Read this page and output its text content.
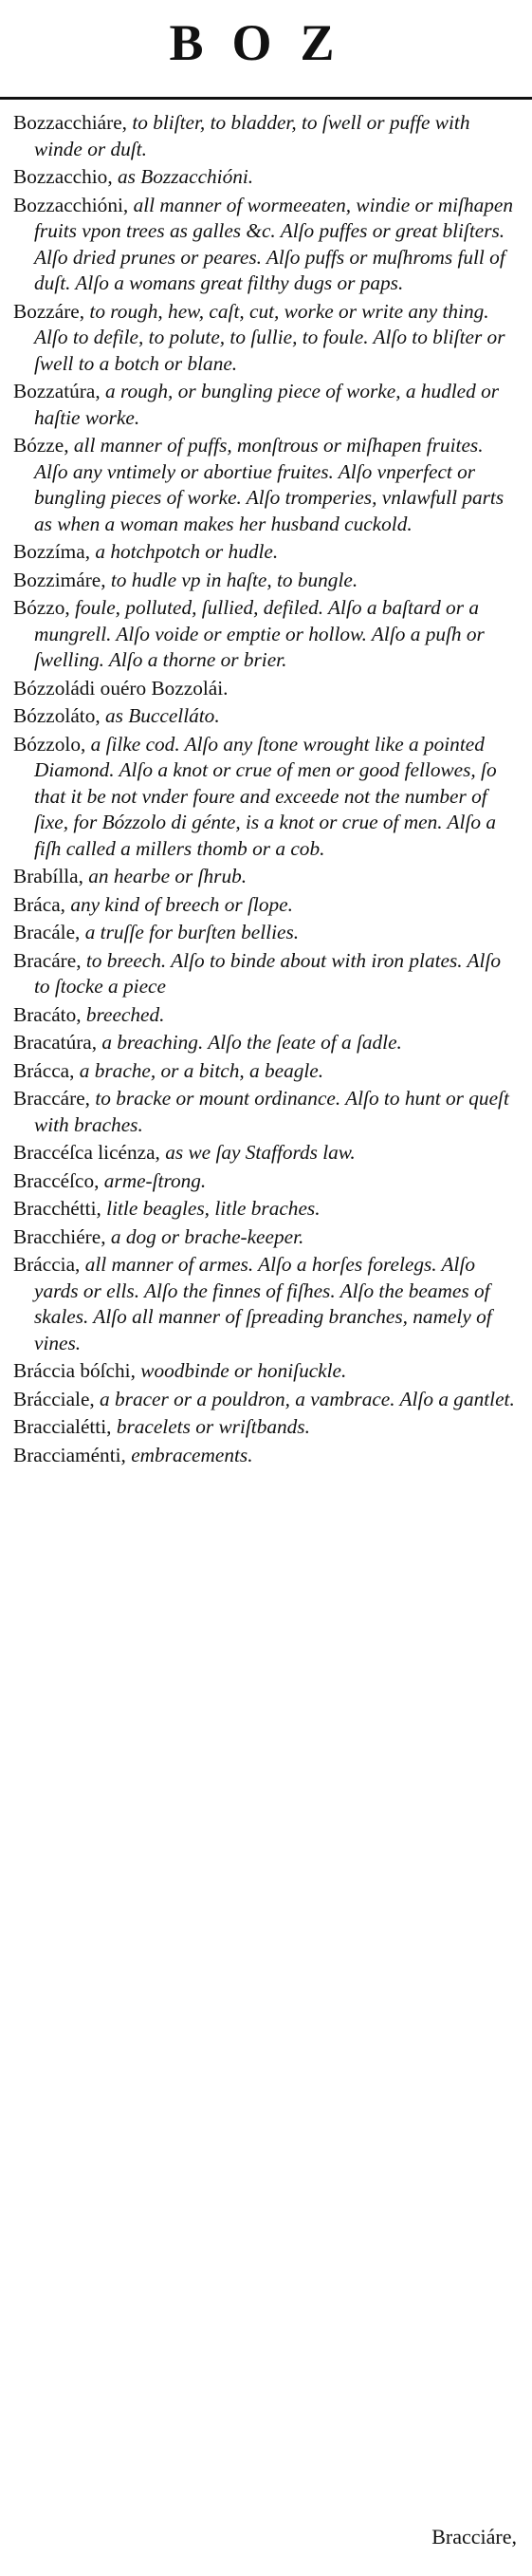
BOZ
Bozzacchiáre, to bliſter, to bladder, to ſwell or puffe with winde or duſt.
Bozzacchio, as Bozzacchióni.
Bozzacchióni, all manner of wormeeaten, windie or miſhapen fruits vpon trees as galles &c. Alſo puffes or great bliſters. Alſo dried prunes or peares. Alſo puffs or muſhroms full of duſt. Alſo a womans great filthy dugs or paps.
Bozzáre, to rough, hew, caſt, cut, worke or write any thing. Alſo to defile, to polute, to ſullie, to foule. Alſo to bliſter or ſwell to a botch or blane.
Bozzatúra, a rough, or bungling piece of worke, a hudled or haſtie worke.
Bózze, all manner of puffs, monſtrous or miſhapen fruites. Alſo any vntimely or abortiue fruites. Alſo vnperfect or bungling pieces of worke. Alſo tromperies, vnlawfull parts as when a woman makes her husband cuckold.
Bozzíma, a hotchpotch or hudle.
Bozzimáre, to hudle vp in haſte, to bungle.
Bózzo, foule, polluted, ſullied, defiled. Alſo a baſtard or a mungrell. Alſo voide or emptie or hollow. Alſo a puſh or ſwelling. Alſo a thorne or brier.
Bózzoládi ouéro Bozzolái.
Bózzoláto, as Buccelláto.
Bózzolo, a ſilke cod. Alſo any ſtone wrought like a pointed Diamond. Alſo a knot or crue of men or good fellowes, ſo that it be not vnder foure and exceede not the number of ſixe, for Bózzolo di génte, is a knot or crue of men. Alſo a fiſh called a millers thomb or a cob.
Brabílla, an hearbe or ſhrub.
Bráca, any kind of breech or ſlope.
Bracále, a truſſe for burſten bellies.
Bracáre, to breech. Alſo to binde about with iron plates. Alſo to ſtocke a piece
Bracáto, breeched.
Bracatúra, a breaching. Alſo the ſeate of a ſadle.
Brácca, a brache, or a bitch, a beagle.
Braccáre, to bracke or mount ordinance. Alſo to hunt or queſt with braches.
Braccéſca licénza, as we ſay Staffords law.
Braccéſco, arme-ſtrong.
Bracchétti, litle beagles, litle braches.
Bracchiére, a dog or brache-keeper.
Bráccia, all manner of armes. Alſo a horſes forelegs. Alſo yards or ells. Alſo the finnes of fiſhes. Alſo the beames of skales. Alſo all manner of ſpreading branches, namely of vines.
Bráccia bóſchi, woodbinde or honiſuckle.
Brácciale, a bracer or a pouldron, a vambrace. Alſo a gantlet.
Braccialétti, bracelets or wriſtbands.
Bracciaménti, embracements.
Bracciáre,
